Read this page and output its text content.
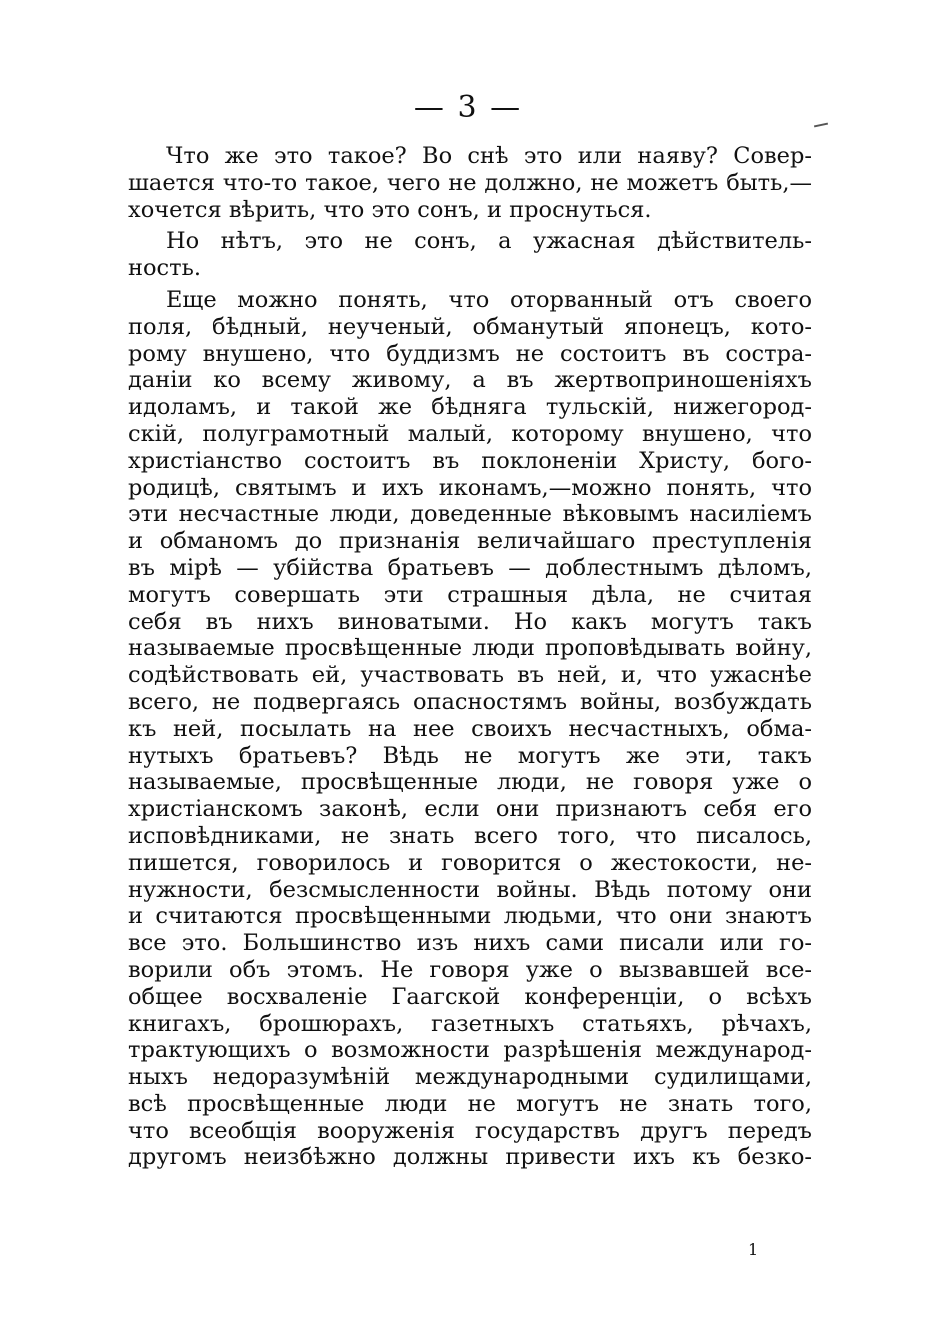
— 3 —
Что же это такое? Во снѣ это или наяву? Совер-
шается что-то такое, чего не должно, не можетъ быть,—
хочется вѣрить, что это сонъ, и проснуться.
Но нѣтъ, это не сонъ, а ужасная дѣйствитель-
ность.
Еще можно понять, что оторванный отъ своего
поля, бѣдный, неученый, обманутый японецъ, кото-
рому внушено, что буддизмъ не состоитъ въ состра-
даніи ко всему живому, а въ жертвоприношеніяхъ
идоламъ, и такой же бѣдняга тульскій, нижегород-
скій, полуграмотный малый, которому внушено, что
христіанство состоитъ въ поклоненіи Христу, бого-
родицѣ, святымъ и ихъ иконамъ,—можно понять, что
эти несчастные люди, доведенные вѣковымъ насиліемъ
и обманомъ до признанія величайшаго преступленія
въ мірѣ — убійства братьевъ — доблестнымъ дѣломъ,
могутъ совершать эти страшныя дѣла, не считая
себя въ нихъ виноватыми. Но какъ могутъ такъ
называемые просвѣщенные люди проповѣдывать войну,
содѣйствовать ей, участвовать въ ней, и, что ужаснѣе
всего, не подвергаясь опасностямъ войны, возбуждать
къ ней, посылать на нее своихъ несчастныхъ, обма-
нутыхъ братьевъ? Вѣдь не могутъ же эти, такъ
называемые, просвѣщенные люди, не говоря уже о
христіанскомъ законѣ, если они признаютъ себя его
исповѣдниками, не знать всего того, что писалось,
пишется, говорилось и говорится о жестокости, не-
нужности, безсмысленности войны. Вѣдь потому они
и считаются просвѣщенными людьми, что они знаютъ
все это. Большинство изъ нихъ сами писали или го-
ворили объ этомъ. Не говоря уже о вызвавшей все-
общее восхваленіе Гаагской конференціи, о всѣхъ
книгахъ, брошюрахъ, газетныхъ статьяхъ, рѣчахъ,
трактующихъ о возможности разрѣшенія международ-
ныхъ недоразумѣній международными судилищами,
всѣ просвѣщенные люди не могутъ не знать того,
что всеобщія вооруженія государствъ другъ передъ
другомъ неизбѣжно должны привести ихъ къ безко-
1
